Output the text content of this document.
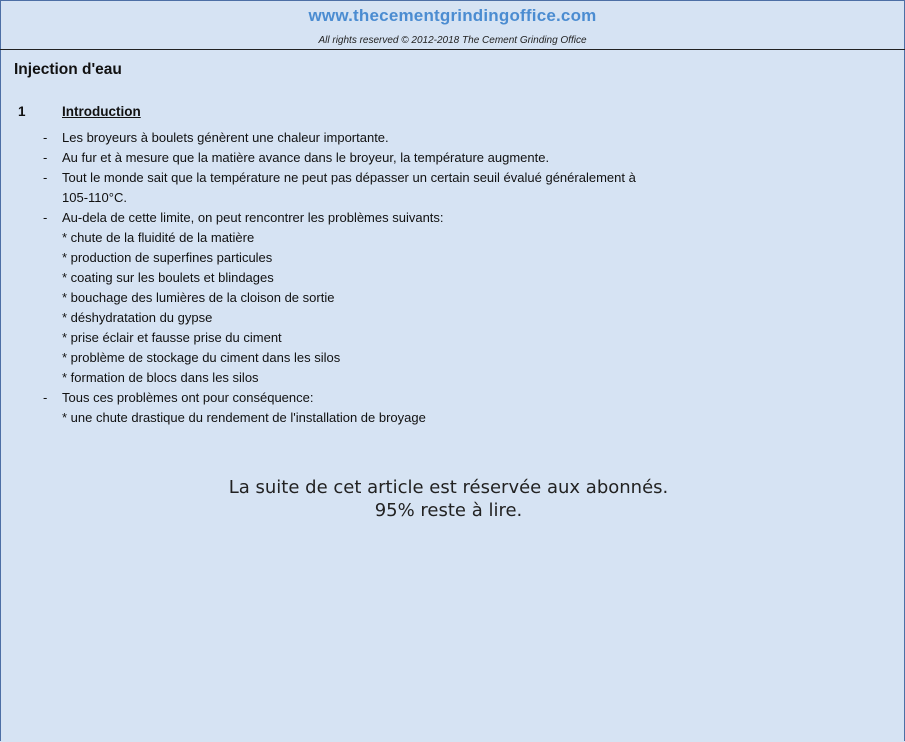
www.thecementgrindingoffice.com
All rights reserved © 2012-2018 The Cement Grinding Office
Injection d'eau
1	Introduction
- Les broyeurs à boulets génèrent une chaleur importante.
- Au fur et à mesure que la matière avance dans le broyeur, la température augmente.
- Tout le monde sait que la température ne peut pas dépasser un certain seuil évalué généralement à
105-110°C.
- Au-dela de cette limite, on peut rencontrer les problèmes suivants:
* chute de la fluidité de la matière
* production de superfines particules
* coating sur les boulets et blindages
* bouchage des lumières de la cloison de sortie
* déshydratation du gypse
* prise éclair et fausse prise du ciment
* problème de stockage du ciment dans les silos
* formation de blocs dans les silos
- Tous ces problèmes ont pour conséquence:
* une chute drastique du rendement de l'installation de broyage
La suite de cet article est réservée aux abonnés.
95% reste à lire.
